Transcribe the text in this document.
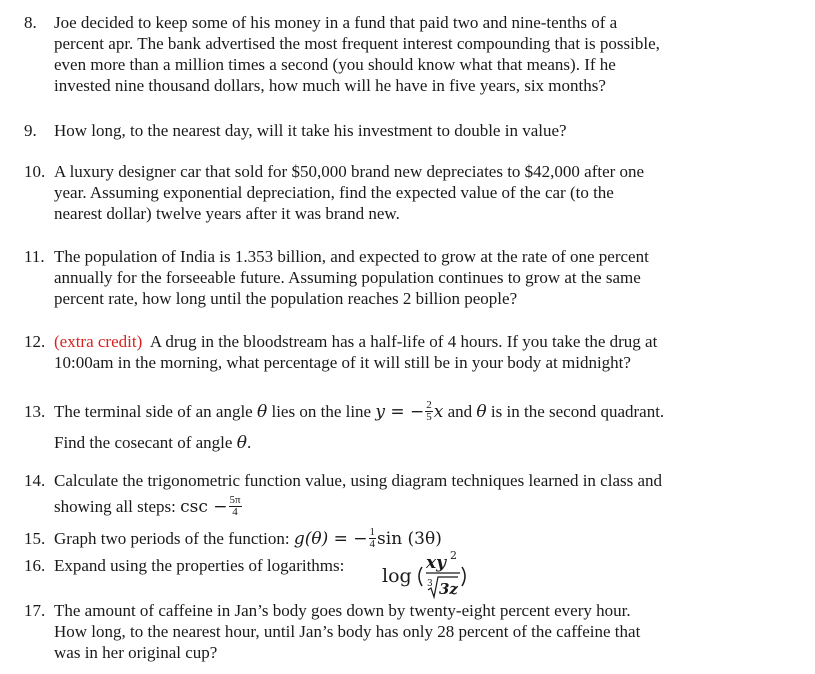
8. Joe decided to keep some of his money in a fund that paid two and nine-tenths of a
percent apr. The bank advertised the most frequent interest compounding that is possible,
even more than a million times a second (you should know what that means). If he
invested nine thousand dollars, how much will he have in five years, six months?
9. How long, to the nearest day, will it take his investment to double in value?
10. A luxury designer car that sold for $50,000 brand new depreciates to $42,000 after one
year. Assuming exponential depreciation, find the expected value of the car (to the
nearest dollar) twelve years after it was brand new.
11. The population of India is 1.353 billion, and expected to grow at the rate of one percent
annually for the forseeable future. Assuming population continues to grow at the same
percent rate, how long until the population reaches 2 billion people?
12. (extra credit) A drug in the bloodstream has a half-life of 4 hours. If you take the drug at
10:00am in the morning, what percentage of it will still be in your body at midnight?
13. The terminal side of an angle θ lies on the line y = − $\frac{2}{5}$ x and θ is in the second quadrant.
Find the cosecant of angle θ.
14. Calculate the trigonometric function value, using diagram techniques learned in class and
showing all steps: $\csc - \frac{5\pi}{4}$
15. Graph two periods of the function: g(θ) = − $\frac{1}{4}$ sin (3θ)
16. Expand using the properties of logarithms:	log
xy 2
3 3z
17. The amount of caffeine in Jan’s body goes down by twenty-eight percent every hour.
How long, to the nearest hour, until Jan’s body has only 28 percent of the caffeine that
was in her original cup?
